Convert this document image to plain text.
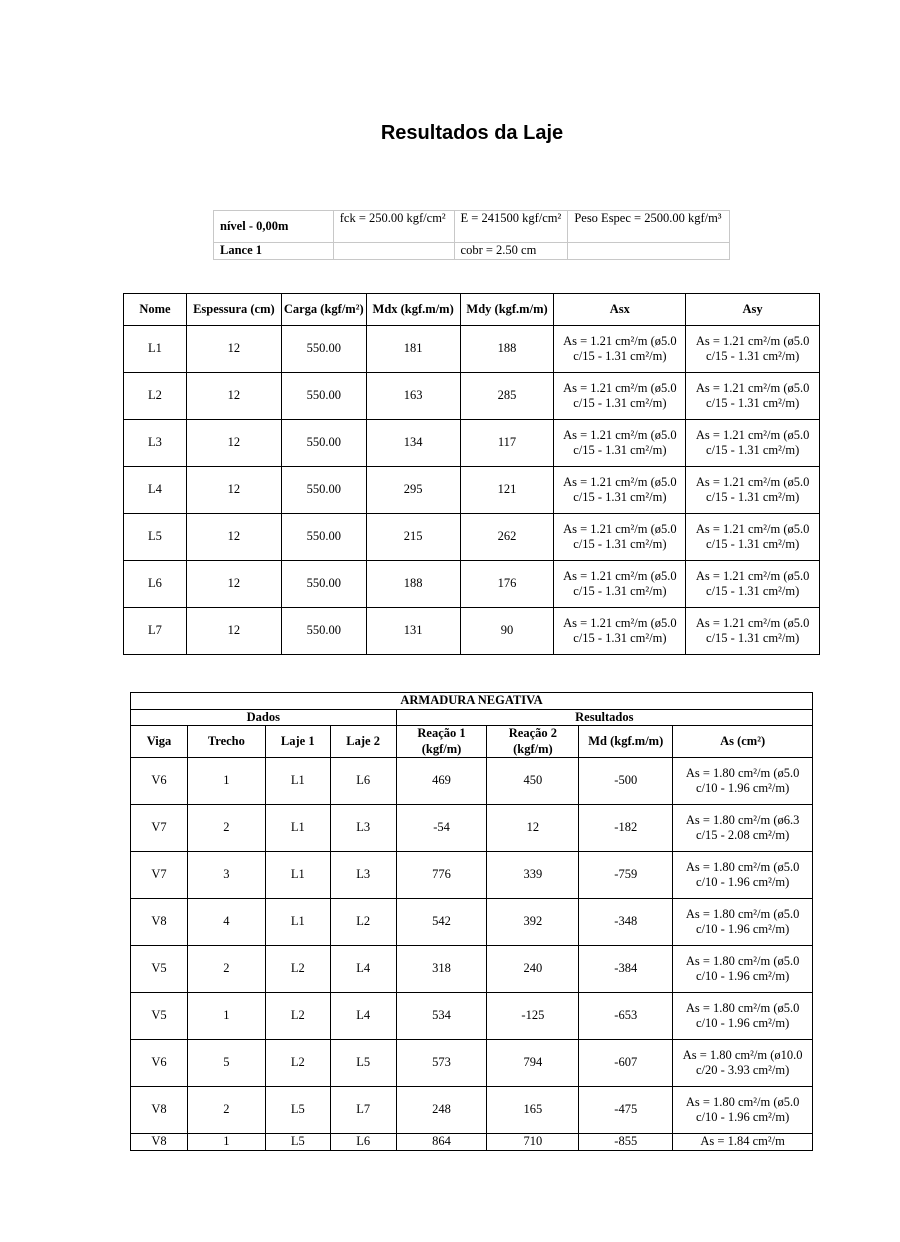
Resultados da Laje
nível - 0,00m	fck = 250.00 kgf/cm²	E = 241500 kgf/cm²	Peso Espec = 2500.00 kgf/m³
Lance 1		cobr = 2.50 cm	
Nome	Espessura (cm)	Carga (kgf/m²)	Mdx (kgf.m/m)	Mdy (kgf.m/m)	Asx	Asy
L1	12	550.00	181	188	As = 1.21 cm²/m (ø5.0 c/15 - 1.31 cm²/m)	As = 1.21 cm²/m (ø5.0 c/15 - 1.31 cm²/m)
L2	12	550.00	163	285	As = 1.21 cm²/m (ø5.0 c/15 - 1.31 cm²/m)	As = 1.21 cm²/m (ø5.0 c/15 - 1.31 cm²/m)
L3	12	550.00	134	117	As = 1.21 cm²/m (ø5.0 c/15 - 1.31 cm²/m)	As = 1.21 cm²/m (ø5.0 c/15 - 1.31 cm²/m)
L4	12	550.00	295	121	As = 1.21 cm²/m (ø5.0 c/15 - 1.31 cm²/m)	As = 1.21 cm²/m (ø5.0 c/15 - 1.31 cm²/m)
L5	12	550.00	215	262	As = 1.21 cm²/m (ø5.0 c/15 - 1.31 cm²/m)	As = 1.21 cm²/m (ø5.0 c/15 - 1.31 cm²/m)
L6	12	550.00	188	176	As = 1.21 cm²/m (ø5.0 c/15 - 1.31 cm²/m)	As = 1.21 cm²/m (ø5.0 c/15 - 1.31 cm²/m)
L7	12	550.00	131	90	As = 1.21 cm²/m (ø5.0 c/15 - 1.31 cm²/m)	As = 1.21 cm²/m (ø5.0 c/15 - 1.31 cm²/m)
ARMADURA NEGATIVA							
Dados				Resultados			
Viga	Trecho	Laje 1	Laje 2	Reação 1 (kgf/m)	Reação 2 (kgf/m)	Md (kgf.m/m)	As (cm²)
V6	1	L1	L6	469	450	-500	As = 1.80 cm²/m (ø5.0 c/10 - 1.96 cm²/m)
V7	2	L1	L3	-54	12	-182	As = 1.80 cm²/m (ø6.3 c/15 - 2.08 cm²/m)
V7	3	L1	L3	776	339	-759	As = 1.80 cm²/m (ø5.0 c/10 - 1.96 cm²/m)
V8	4	L1	L2	542	392	-348	As = 1.80 cm²/m (ø5.0 c/10 - 1.96 cm²/m)
V5	2	L2	L4	318	240	-384	As = 1.80 cm²/m (ø5.0 c/10 - 1.96 cm²/m)
V5	1	L2	L4	534	-125	-653	As = 1.80 cm²/m (ø5.0 c/10 - 1.96 cm²/m)
V6	5	L2	L5	573	794	-607	As = 1.80 cm²/m (ø10.0 c/20 - 3.93 cm²/m)
V8	2	L5	L7	248	165	-475	As = 1.80 cm²/m (ø5.0 c/10 - 1.96 cm²/m)
V8	1	L5	L6	864	710	-855	As = 1.84 cm²/m
